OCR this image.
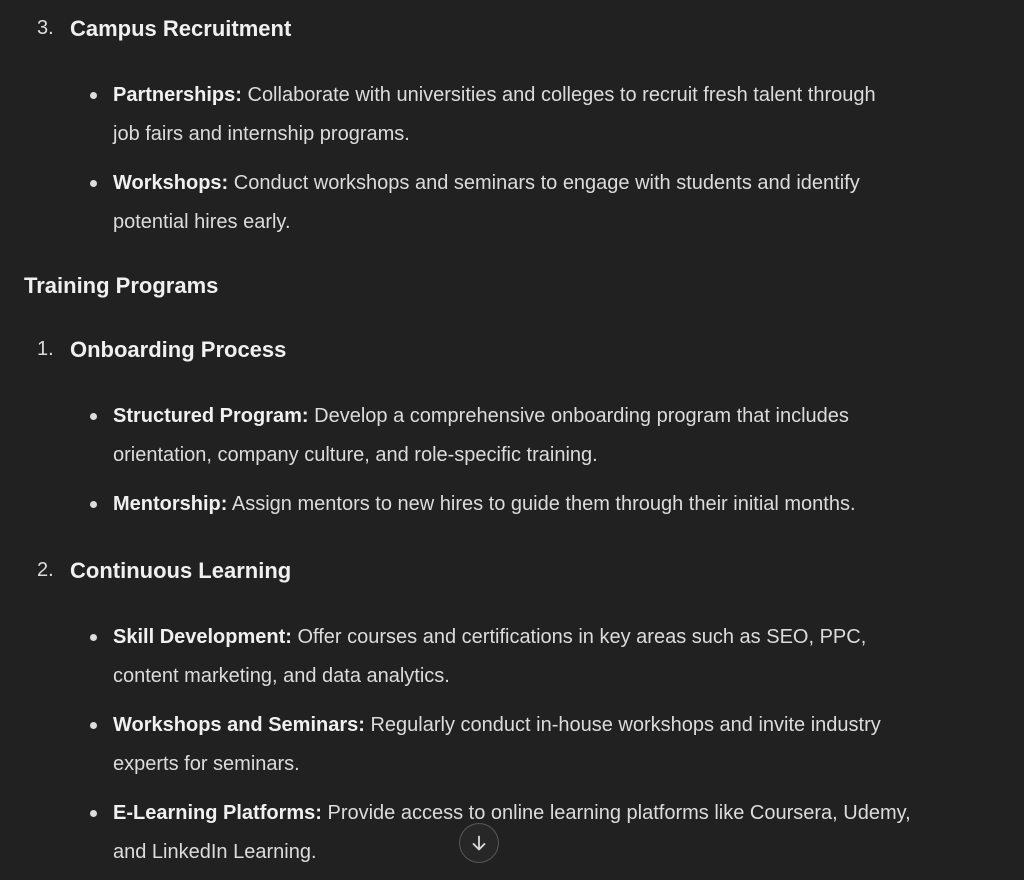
3. Campus Recruitment
Partnerships: Collaborate with universities and colleges to recruit fresh talent through
job fairs and internship programs.
Workshops: Conduct workshops and seminars to engage with students and identify
potential hires early.
Training Programs
1. Onboarding Process
Structured Program: Develop a comprehensive onboarding program that includes
orientation, company culture, and role-specific training.
Mentorship: Assign mentors to new hires to guide them through their initial months.
2. Continuous Learning
Skill Development: Offer courses and certifications in key areas such as SEO, PPC,
content marketing, and data analytics.
Workshops and Seminars: Regularly conduct in-house workshops and invite industry
experts for seminars.
E-Learning Platforms: Provide access to online learning platforms like Coursera, Udemy,
and LinkedIn Learning.
